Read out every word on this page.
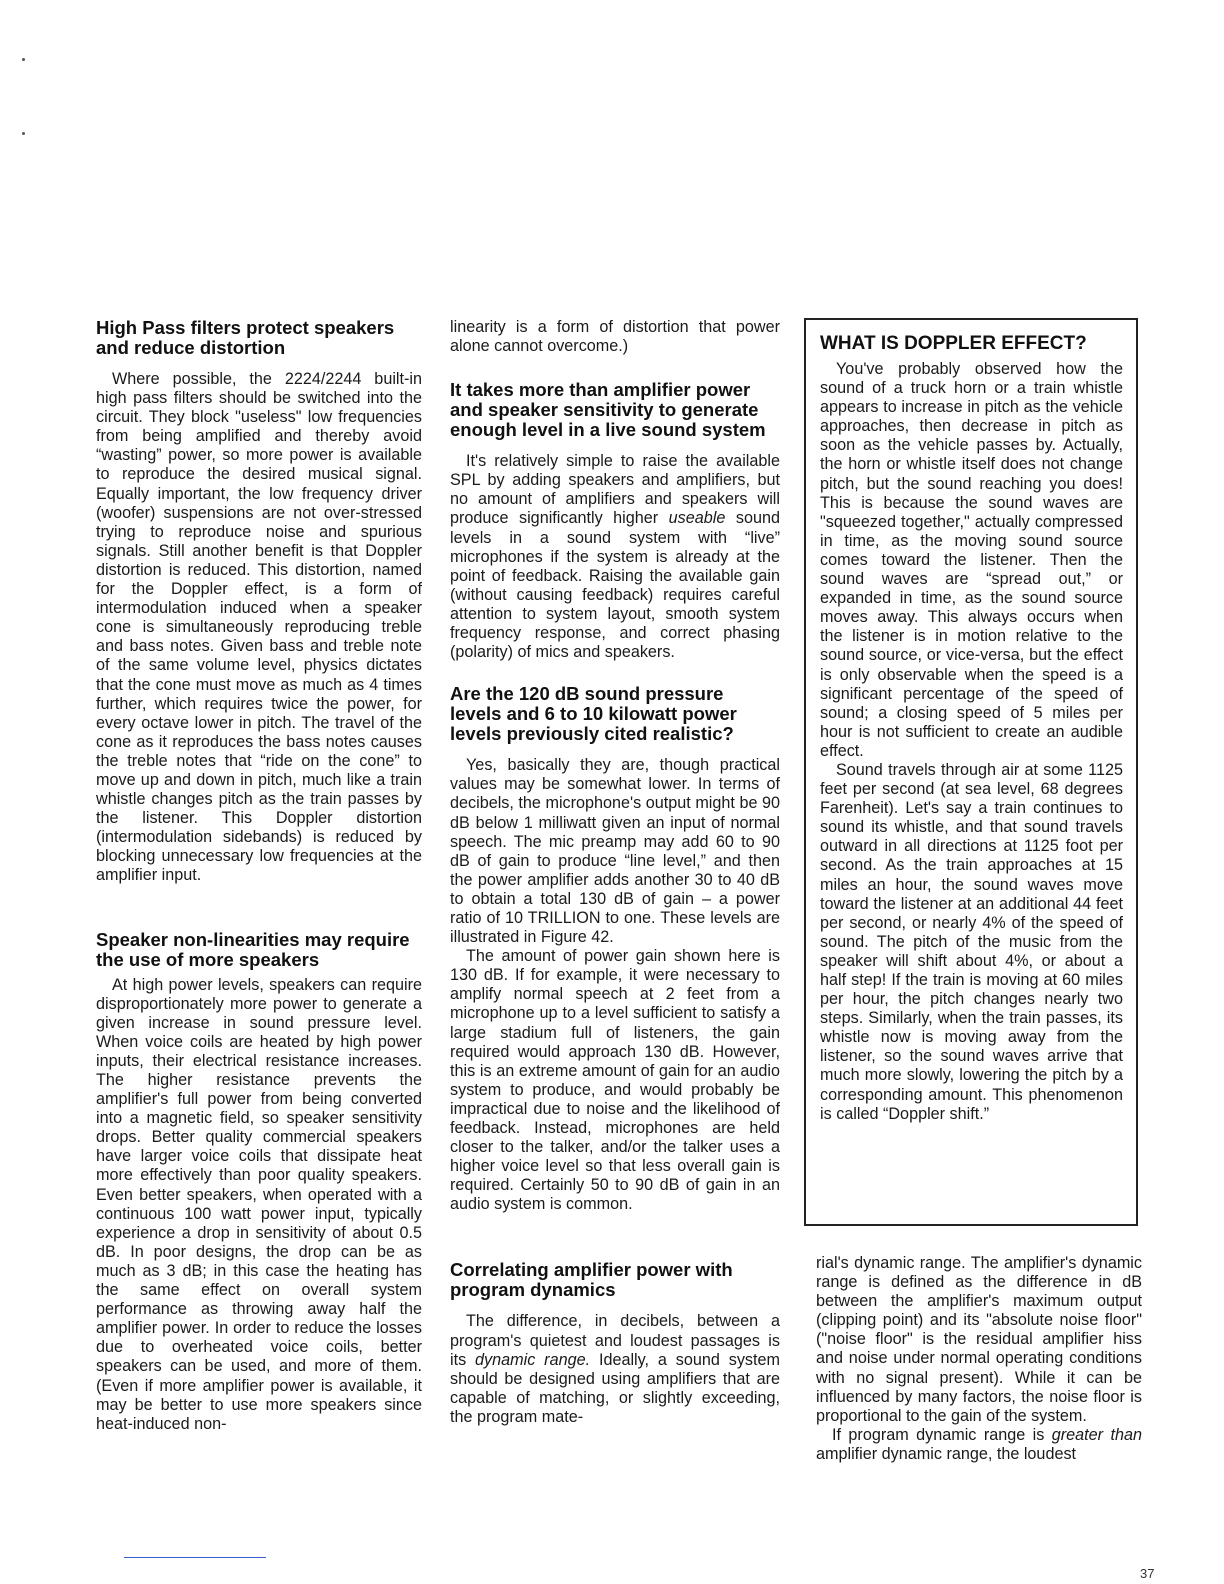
High Pass filters protect speakers and reduce distortion

Where possible, the 2224/2244 built-in high pass filters should be switched into the circuit. They block "useless" low frequencies from being amplified and thereby avoid “wasting” power, so more power is available to reproduce the desired musical signal. Equally important, the low frequency driver (woofer) suspensions are not over-stressed trying to reproduce noise and spurious signals. Still another benefit is that Doppler distortion is reduced. This distortion, named for the Doppler effect, is a form of intermodulation induced when a speaker cone is simultaneously reproducing treble and bass notes. Given bass and treble note of the same volume level, physics dictates that the cone must move as much as 4 times further, which requires twice the power, for every octave lower in pitch. The travel of the cone as it reproduces the bass notes causes the treble notes that “ride on the cone” to move up and down in pitch, much like a train whistle changes pitch as the train passes by the listener. This Doppler distortion (intermodulation sidebands) is reduced by blocking unnecessary low frequencies at the amplifier input.

Speaker non-linearities may require the use of more speakers

At high power levels, speakers can require disproportionately more power to generate a given increase in sound pressure level. When voice coils are heated by high power inputs, their electrical resistance increases. The higher resistance prevents the amplifier's full power from being converted into a magnetic field, so speaker sensitivity drops. Better quality commercial speakers have larger voice coils that dissipate heat more effectively than poor quality speakers. Even better speakers, when operated with a continuous 100 watt power input, typically experience a drop in sensitivity of about 0.5 dB. In poor designs, the drop can be as much as 3 dB; in this case the heating has the same effect on overall system performance as throwing away half the amplifier power. In order to reduce the losses due to overheated voice coils, better speakers can be used, and more of them. (Even if more amplifier power is available, it may be better to use more speakers since heat-induced non-

linearity is a form of distortion that power alone cannot overcome.)

It takes more than amplifier power and speaker sensitivity to generate enough level in a live sound system

It's relatively simple to raise the available SPL by adding speakers and amplifiers, but no amount of amplifiers and speakers will produce significantly higher useable sound levels in a sound system with “live” microphones if the system is already at the point of feedback. Raising the available gain (without causing feedback) requires careful attention to system layout, smooth system frequency response, and correct phasing (polarity) of mics and speakers.

Are the 120 dB sound pressure levels and 6 to 10 kilowatt power levels previously cited realistic?

Yes, basically they are, though practical values may be somewhat lower. In terms of decibels, the microphone's output might be 90 dB below 1 milliwatt given an input of normal speech. The mic preamp may add 60 to 90 dB of gain to produce “line level,” and then the power amplifier adds another 30 to 40 dB to obtain a total 130 dB of gain – a power ratio of 10 TRILLION to one. These levels are illustrated in Figure 42.

The amount of power gain shown here is 130 dB. If for example, it were necessary to amplify normal speech at 2 feet from a microphone up to a level sufficient to satisfy a large stadium full of listeners, the gain required would approach 130 dB. However, this is an extreme amount of gain for an audio system to produce, and would probably be impractical due to noise and the likelihood of feedback. Instead, microphones are held closer to the talker, and/or the talker uses a higher voice level so that less overall gain is required. Certainly 50 to 90 dB of gain in an audio system is common.

Correlating amplifier power with program dynamics

The difference, in decibels, between a program's quietest and loudest passages is its dynamic range. Ideally, a sound system should be designed using amplifiers that are capable of matching, or slightly exceeding, the program mate-

WHAT IS DOPPLER EFFECT?

You've probably observed how the sound of a truck horn or a train whistle appears to increase in pitch as the vehicle approaches, then decrease in pitch as soon as the vehicle passes by. Actually, the horn or whistle itself does not change pitch, but the sound reaching you does! This is because the sound waves are "squeezed together," actually compressed in time, as the moving sound source comes toward the listener. Then the sound waves are “spread out,” or expanded in time, as the sound source moves away. This always occurs when the listener is in motion relative to the sound source, or vice-versa, but the effect is only observable when the speed is a significant percentage of the speed of sound; a closing speed of 5 miles per hour is not sufficient to create an audible effect.

Sound travels through air at some 1125 feet per second (at sea level, 68 degrees Farenheit). Let's say a train continues to sound its whistle, and that sound travels outward in all directions at 1125 foot per second. As the train approaches at 15 miles an hour, the sound waves move toward the listener at an additional 44 feet per second, or nearly 4% of the speed of sound. The pitch of the music from the speaker will shift about 4%, or about a half step! If the train is moving at 60 miles per hour, the pitch changes nearly two steps. Similarly, when the train passes, its whistle now is moving away from the listener, so the sound waves arrive that much more slowly, lowering the pitch by a corresponding amount. This phenomenon is called “Doppler shift.”

rial's dynamic range. The amplifier's dynamic range is defined as the difference in dB between the amplifier's maximum output (clipping point) and its "absolute noise floor" ("noise floor" is the residual amplifier hiss and noise under normal operating conditions with no signal present). While it can be influenced by many factors, the noise floor is proportional to the gain of the system.

If program dynamic range is greater than amplifier dynamic range, the loudest

37
